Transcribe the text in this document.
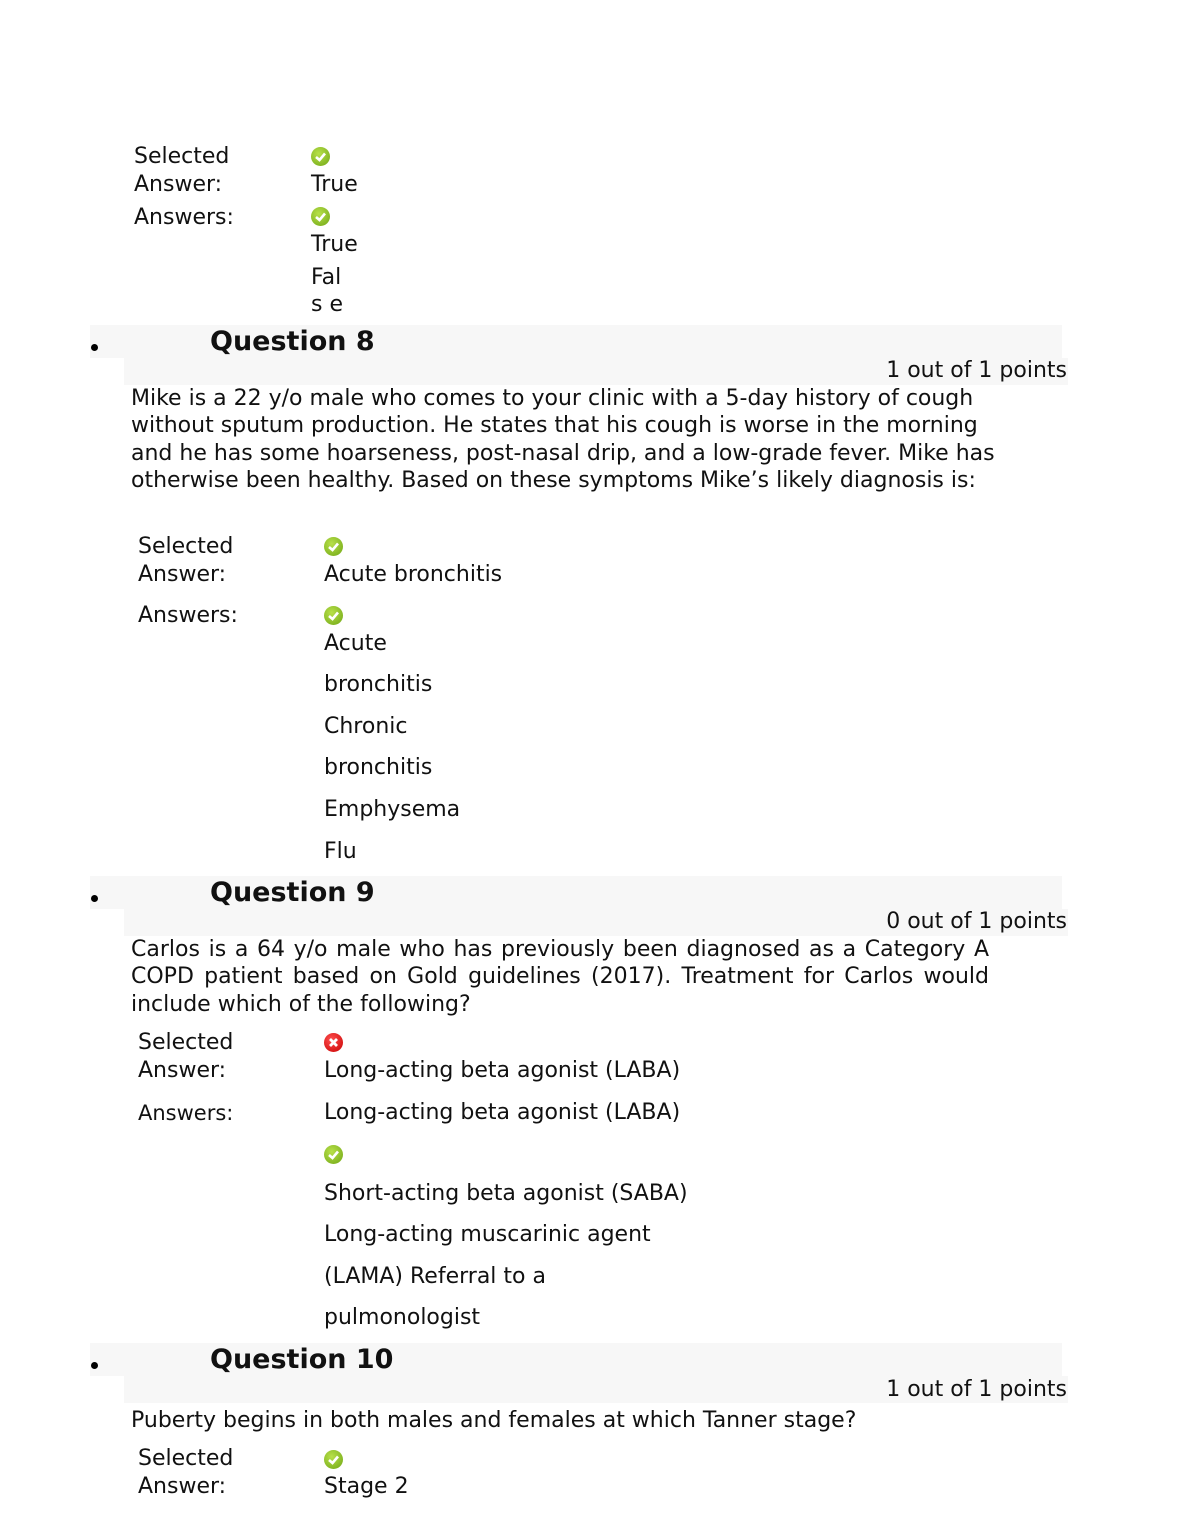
Selected
Answer:	True
Answers:
True
Fal
s e
Question 8
1 out of 1 points
Mike is a 22 y/o male who comes to your clinic with a 5-day history of cough without sputum production. He states that his cough is worse in the morning and he has some hoarseness, post-nasal drip, and a low-grade fever. Mike has otherwise been healthy. Based on these symptoms Mike’s likely diagnosis is:
Selected
Answer:	Acute bronchitis
Answers:
Acute
bronchitis
Chronic
bronchitis
Emphysema
Flu
Question 9
0 out of 1 points
Carlos is a 64 y/o male who has previously been diagnosed as a Category A COPD patient based on Gold guidelines (2017). Treatment for Carlos would include which of the following?
Selected
Answer:	Long-acting beta agonist (LABA)
Answers:	Long-acting beta agonist (LABA)
Short-acting beta agonist (SABA)
Long-acting muscarinic agent
(LAMA) Referral to a
pulmonologist
Question 10
1 out of 1 points
Puberty begins in both males and females at which Tanner stage?
Selected
Answer:	Stage 2
